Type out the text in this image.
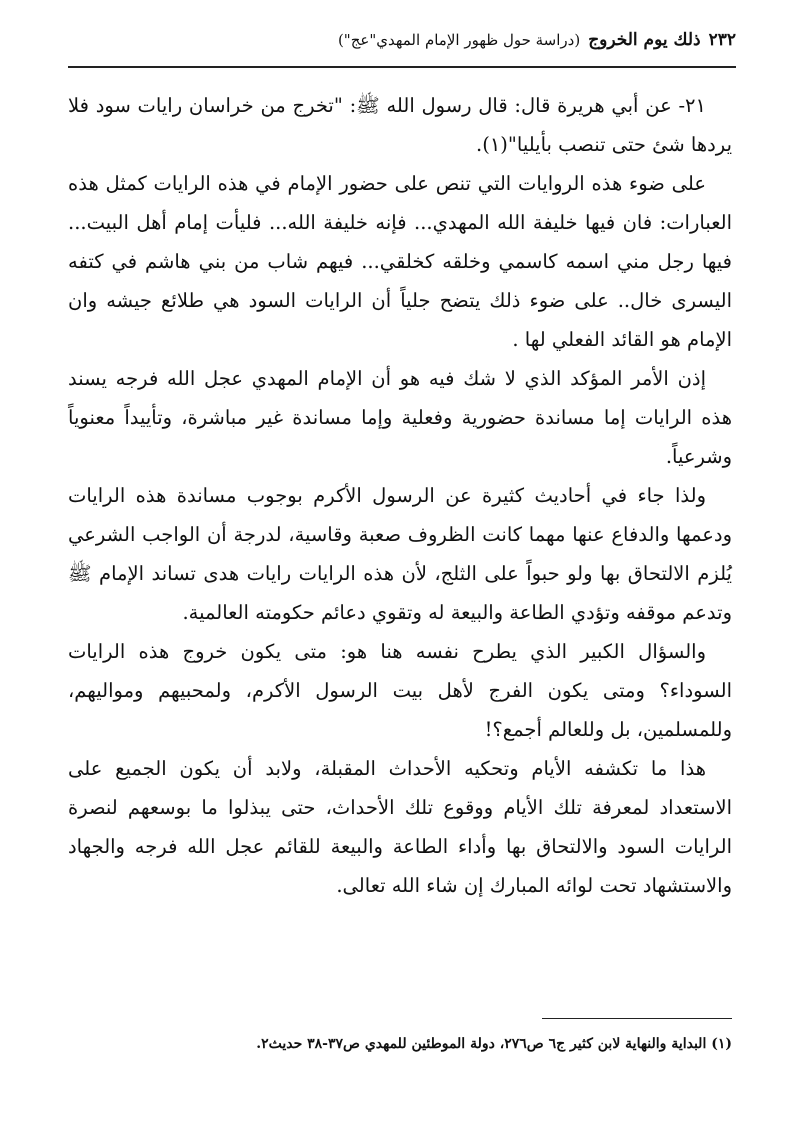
٢٣٢
ذلك يوم الخروج
(دراسة حول ظهور الإمام المهدي"عج")

٢١- عن أبي هريرة قال: قال رسول الله ﷺ: "تخرج من خراسان رايات سود فلا يردها شئ حتى تنصب بأيليا"(١).

على ضوء هذه الروايات التي تنص على حضور الإمام في هذه الرايات كمثل هذه العبارات: فان فيها خليفة الله المهدي... فإنه خليفة الله... فليأت إمام أهل البيت... فيها رجل مني اسمه كاسمي وخلقه كخلقي... فيهم شاب من بني هاشم في كتفه اليسرى خال.. على ضوء ذلك يتضح جلياً أن الرايات السود هي طلائع جيشه وان الإمام هو القائد الفعلي لها .

إذن الأمر المؤكد الذي لا شك فيه هو أن الإمام المهدي عجل الله فرجه يسند هذه الرايات إما مساندة حضورية وفعلية وإما مساندة غير مباشرة، وتأييداً معنوياً وشرعياً.

ولذا جاء في أحاديث كثيرة عن الرسول الأكرم بوجوب مساندة هذه الرايات ودعمها والدفاع عنها مهما كانت الظروف صعبة وقاسية، لدرجة أن الواجب الشرعي يُلزم الالتحاق بها ولو حبواً على الثلج، لأن هذه الرايات رايات هدى تساند الإمام ﷺ وتدعم موقفه وتؤدي الطاعة والبيعة له وتقوي دعائم حكومته العالمية.

والسؤال الكبير الذي يطرح نفسه هنا هو: متى يكون خروج هذه الرايات السوداء؟ ومتى يكون الفرج لأهل بيت الرسول الأكرم، ولمحبيهم ومواليهم، وللمسلمين، بل وللعالم أجمع؟!

هذا ما تكشفه الأيام وتحكيه الأحداث المقبلة، ولابد أن يكون الجميع على الاستعداد لمعرفة تلك الأيام ووقوع تلك الأحداث، حتى يبذلوا ما بوسعهم لنصرة الرايات السود والالتحاق بها وأداء الطاعة والبيعة للقائم عجل الله فرجه والجهاد والاستشهاد تحت لوائه المبارك إن شاء الله تعالى.

(١) البداية والنهاية لابن كثير ج٦ ص٢٧٦، دولة الموطئين للمهدي ص٣٧-٣٨ حديث٢.
